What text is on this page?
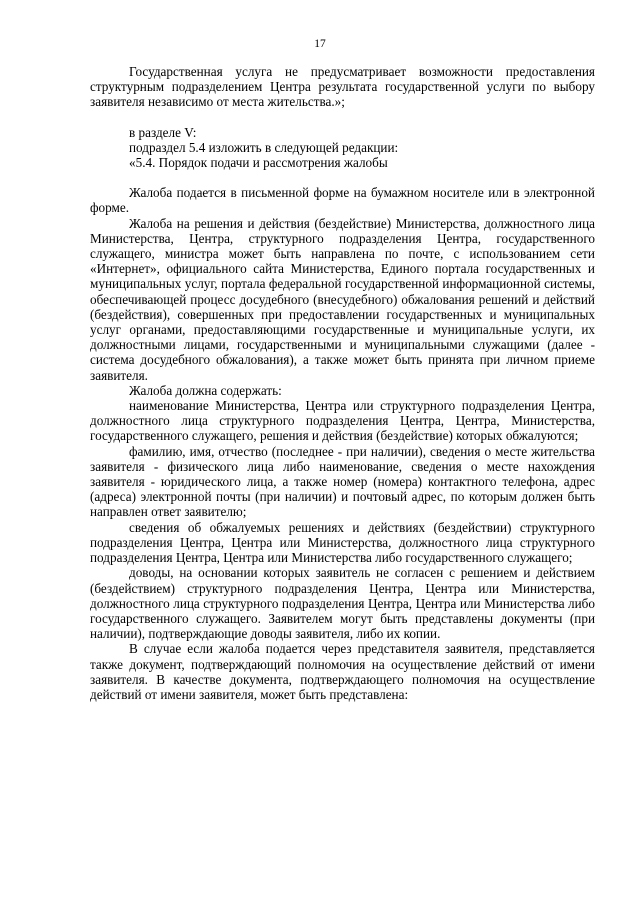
17

Государственная услуга не предусматривает возможности предоставления структурным подразделением Центра результата государственной услуги по выбору заявителя независимо от места жительства.»;

в разделе V:

подраздел 5.4 изложить в следующей редакции:

«5.4. Порядок подачи и рассмотрения жалобы

Жалоба подается в письменной форме на бумажном носителе или в электронной форме.

Жалоба на решения и действия (бездействие) Министерства, должностного лица Министерства, Центра, структурного подразделения Центра, государственного служащего, министра может быть направлена по почте, с использованием сети «Интернет», официального сайта Министерства, Единого портала государственных и муниципальных услуг, портала федеральной государственной информационной системы, обеспечивающей процесс досудебного (внесудебного) обжалования решений и действий (бездействия), совершенных при предоставлении государственных и муниципальных услуг органами, предоставляющими государственные и муниципальные услуги, их должностными лицами, государственными и муниципальными служащими (далее - система досудебного обжалования), а также может быть принята при личном приеме заявителя.

Жалоба должна содержать:

наименование Министерства, Центра или структурного подразделения Центра, должностного лица структурного подразделения Центра, Центра, Министерства, государственного служащего, решения и действия (бездействие) которых обжалуются;

фамилию, имя, отчество (последнее - при наличии), сведения о месте жительства заявителя - физического лица либо наименование, сведения о месте нахождения заявителя - юридического лица, а также номер (номера) контактного телефона, адрес (адреса) электронной почты (при наличии) и почтовый адрес, по которым должен быть направлен ответ заявителю;

сведения об обжалуемых решениях и действиях (бездействии) структурного подразделения Центра, Центра или Министерства, должностного лица структурного подразделения Центра, Центра или Министерства либо государственного служащего;

доводы, на основании которых заявитель не согласен с решением и действием (бездействием) структурного подразделения Центра, Центра или Министерства, должностного лица структурного подразделения Центра, Центра или Министерства либо государственного служащего. Заявителем могут быть представлены документы (при наличии), подтверждающие доводы заявителя, либо их копии.

В случае если жалоба подается через представителя заявителя, представляется также документ, подтверждающий полномочия на осуществление действий от имени заявителя. В качестве документа, подтверждающего полномочия на осуществление действий от имени заявителя, может быть представлена:
